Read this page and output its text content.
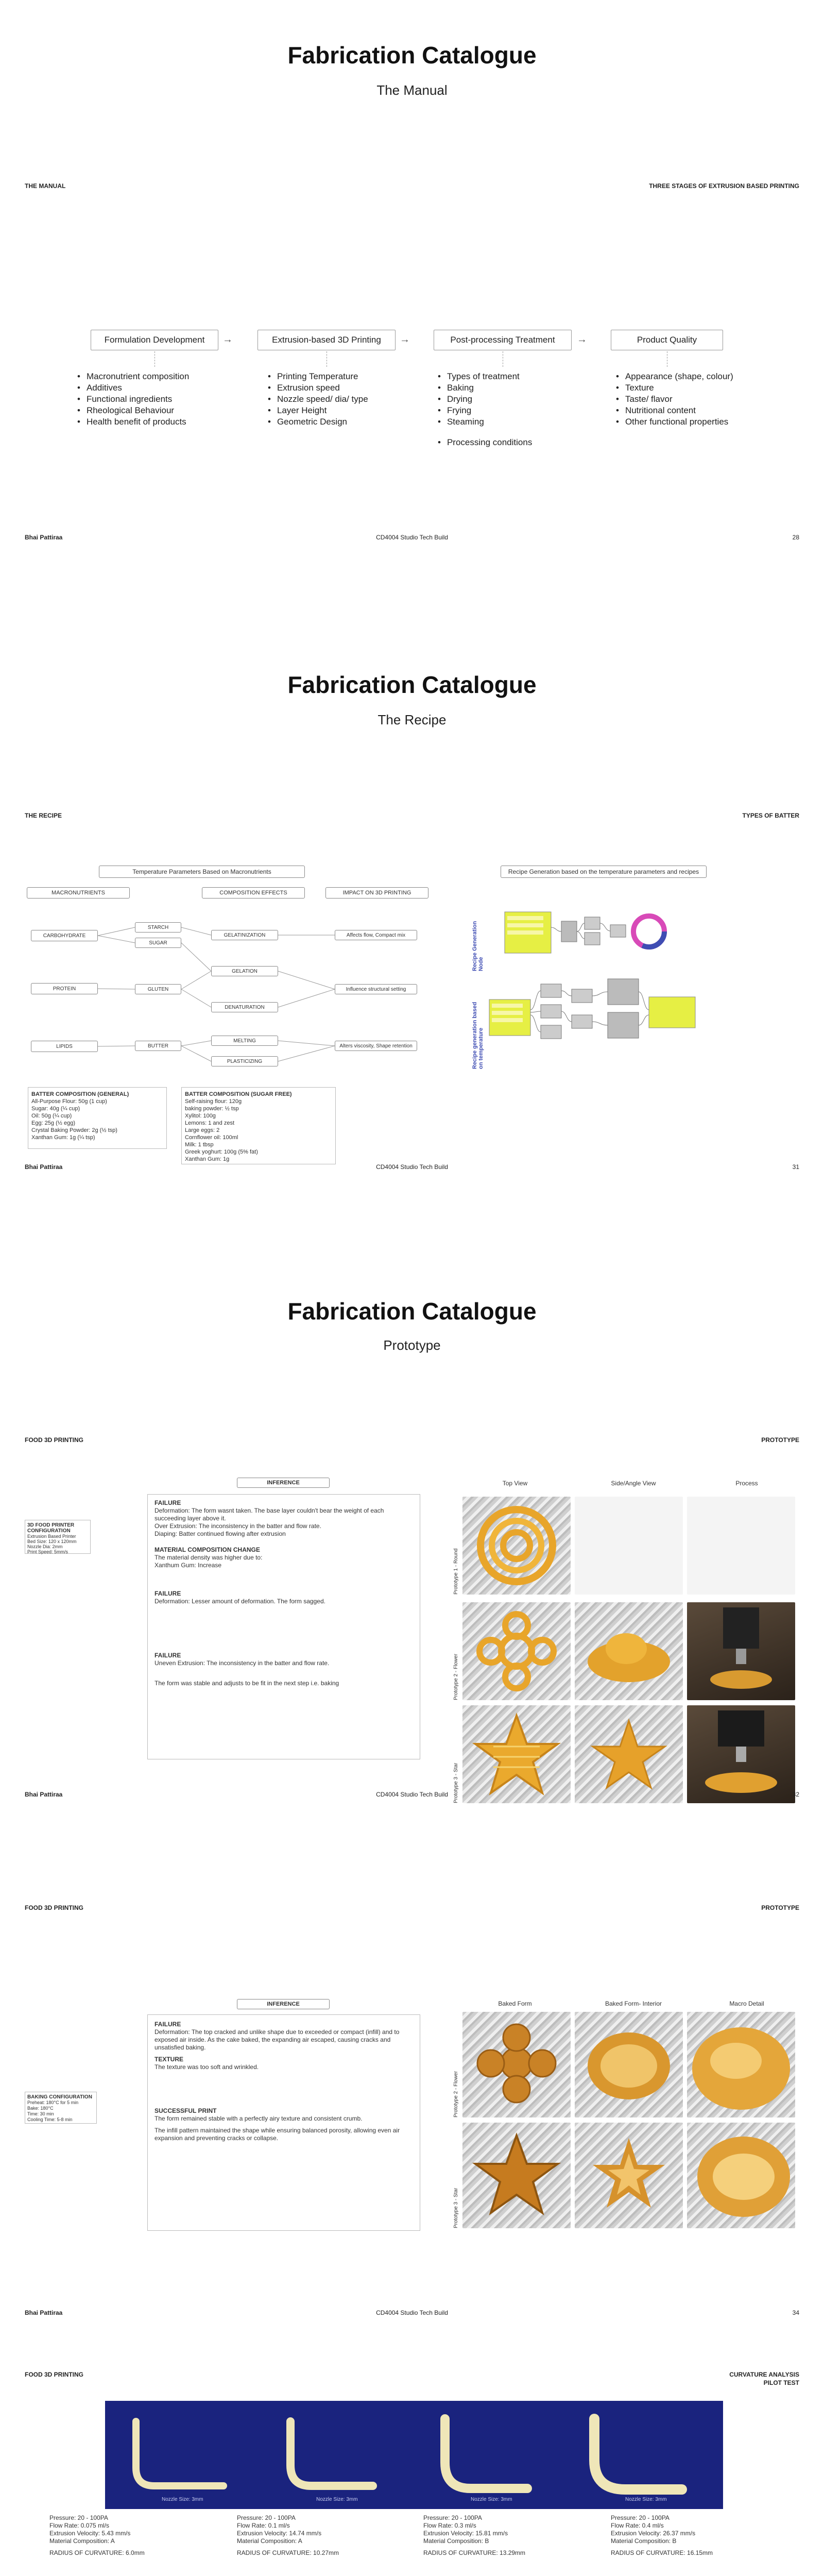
Fabrication Catalogue
The Manual
THE MANUAL	THREE STAGES OF EXTRUSION BASED PRINTING
Formulation Development	Extrusion-based 3D Printing	Post-processing Treatment	Product Quality
→	→	→
• Macronutrient composition
• Additives
• Functional ingredients
• Rheological Behaviour
• Health benefit of products
• Printing Temperature
• Extrusion speed
• Nozzle speed/ dia/ type
• Layer Height
• Geometric Design
• Types of treatment
• Baking
• Drying
• Frying
• Steaming
• Processing conditions
• Appearance (shape, colour)
• Texture
• Taste/ flavor
• Nutritional content
• Other functional properties
Bhai Pattiraa	CD4004 Studio Tech Build	28
Fabrication Catalogue
The Recipe
THE RECIPE	TYPES OF BATTER
Temperature Parameters Based on Macronutrients	Recipe Generation based on the temperature parameters and recipes
MACRONUTRIENTS	COMPOSITION EFFECTS	IMPACT ON 3D PRINTING
CARBOHYDRATE
PROTEIN
LIPIDS
STARCH
SUGAR
GLUTEN
BUTTER
GELATINIZATION
GELATION
DENATURATION
MELTING
PLASTICIZING
Affects flow, Compact mix
Influence structural setting
Alters viscosity, Shape retention
BATTER COMPOSITION (GENERAL)
All-Purpose Flour: 50g (1 cup)
Sugar: 40g (¼ cup)
Oil: 50g (¼ cup)
Egg: 25g (½ egg)
Crystal Baking Powder: 2g (½ tsp)
Xanthan Gum: 1g (¼ tsp)
BATTER COMPOSITION (SUGAR FREE)
Self-raising flour: 120g
baking powder: ½ tsp
Xylitol: 100g
Lemons: 1 and zest
Large eggs: 2
Cornflower oil: 100ml
Milk: 1 tbsp
Greek yoghurt: 100g (5% fat)
Xanthan Gum: 1g
Recipe Generation Node
Recipe generation based on temperature
Bhai Pattiraa	CD4004 Studio Tech Build	31
Fabrication Catalogue
Prototype
FOOD 3D PRINTING	PROTOTYPE
3D FOOD PRINTER CONFIGURATION
Extrusion Based Printer
Bed Size: 120 x 120mm
Nozzle Dia: 2mm
Print Speed: 5mm/s
INFERENCE

FAILURE
Deformation: The form wasnt taken. The base layer couldn't bear the weight of each succeeding layer above it.
Over Extrusion: The inconsistency in the batter and flow rate.
Diaping: Batter continued flowing after extrusion

MATERIAL COMPOSITION CHANGE
The material density was higher due to:
Xanthum Gum: Increase

FAILURE
Deformation: Lesser amount of deformation. The form sagged.

FAILURE
Uneven Extrusion: The inconsistency in the batter and flow rate.

The form was stable and adjusts to be fit in the next step i.e. baking

Top View	Side/Angle View	Process
Prototype 1 - Round
Prototype 2 - Flower
Prototype 3 - Star
Bhai Pattiraa	CD4004 Studio Tech Build	32
FOOD 3D PRINTING	PROTOTYPE
BAKING CONFIGURATION
Preheat: 180°C for 5 min
Bake: 180°C
Time: 30 min
Cooling Time: 5-8 min
INFERENCE

FAILURE
Deformation: The top cracked and unlike shape due to exceeded or compact (infill) and to exposed air inside. As the cake baked, the expanding air escaped, causing cracks and unsatisfied baking.

TEXTURE
The texture was too soft and wrinkled.

SUCCESSFUL PRINT
The form remained stable with a perfectly airy texture and consistent crumb.

The infill pattern maintained the shape while ensuring balanced porosity, allowing even air expansion and preventing cracks or collapse.

Baked Form	Baked Form- Interior	Macro Detail
Prototype 2 - Flower
Prototype 3 - Star
Bhai Pattiraa	CD4004 Studio Tech Build	34
FOOD 3D PRINTING	CURVATURE ANALYSIS
PILOT TEST
Nozzle Size: 3mm	Nozzle Size: 3mm	Nozzle Size: 3mm	Nozzle Size: 3mm
Pressure: 20 - 100PA
Flow Rate: 0.075 ml/s
Extrusion Velocity: 5.43 mm/s
Material Composition: A
RADIUS OF CURVATURE: 6.0mm
Pressure: 20 - 100PA
Flow Rate: 0.1 ml/s
Extrusion Velocity: 14.74 mm/s
Material Composition: A
RADIUS OF CURVATURE: 10.27mm
Pressure: 20 - 100PA
Flow Rate: 0.3 ml/s
Extrusion Velocity: 15.81 mm/s
Material Composition: B
RADIUS OF CURVATURE: 13.29mm
Pressure: 20 - 100PA
Flow Rate: 0.4 ml/s
Extrusion Velocity: 26.37 mm/s
Material Composition: B
RADIUS OF CURVATURE: 16.15mm
